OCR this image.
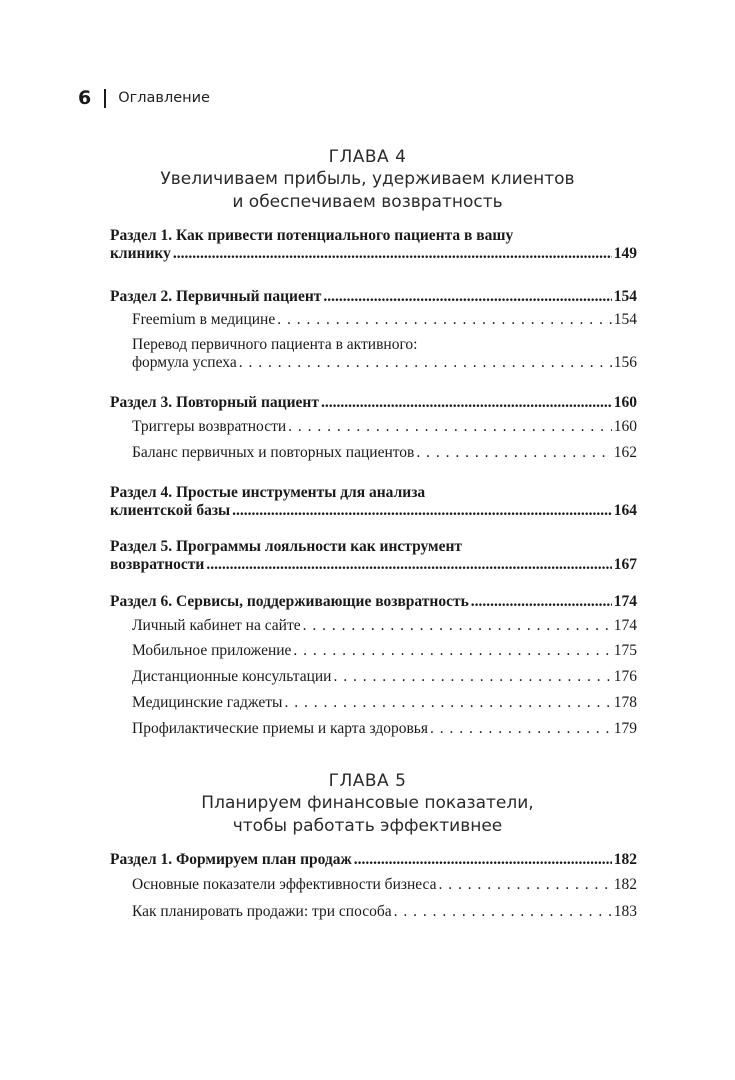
6 Оглавление
ГЛАВА 4
Увеличиваем прибыль, удерживаем клиентов
и обеспечиваем возвратность
Раздел 1. Как привести потенциального пациента в вашу
клинику .....	149
Раздел 2. Первичный пациент .....	154
Freemium в медицине . . .	154
Перевод первичного пациента в активного:
формула успеха . . .	156
Раздел 3. Повторный пациент .....	160
Триггеры возвратности . . .	160
Баланс первичных и повторных пациентов . . .	162
Раздел 4. Простые инструменты для анализа
клиентской базы .....	164
Раздел 5. Программы лояльности как инструмент
возвратности .....	167
Раздел 6. Сервисы, поддерживающие возвратность .....	174
Личный кабинет на сайте . . .	174
Мобильное приложение . . .	175
Дистанционные консультации . . .	176
Медицинские гаджеты . . .	178
Профилактические приемы и карта здоровья . . .	179
ГЛАВА 5
Планируем финансовые показатели,
чтобы работать эффективнее
Раздел 1. Формируем план продаж .....	182
Основные показатели эффективности бизнеса . . .	182
Как планировать продажи: три способа . . .	183
